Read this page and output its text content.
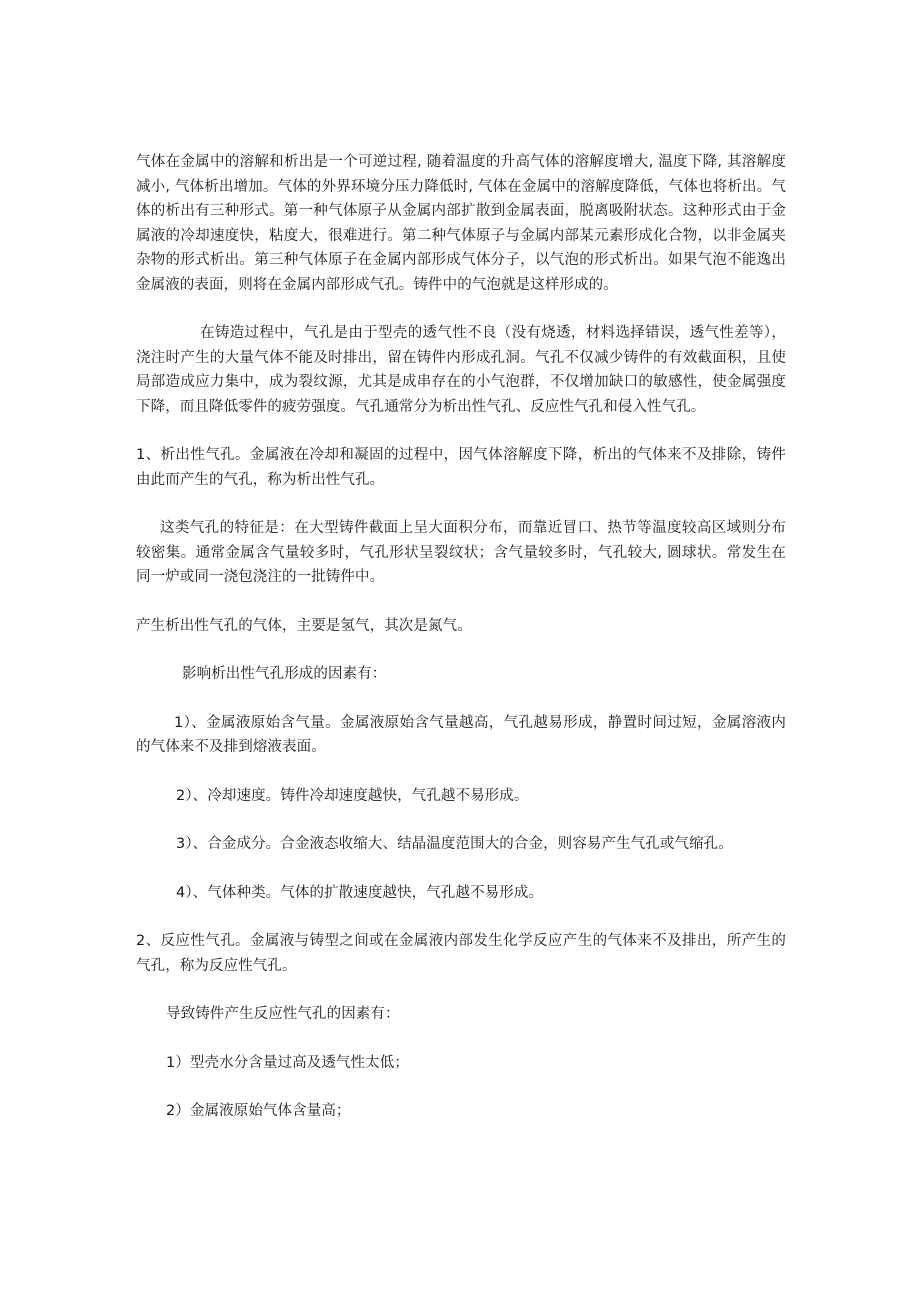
气体在金属中的溶解和析出是一个可逆过程, 随着温度的升高气体的溶解度增大, 温度下降, 其溶解度减小, 气体析出增加。气体的外界环境分压力降低时, 气体在金属中的溶解度降低，气体也将析出。气体的析出有三种形式。第一种气体原子从金属内部扩散到金属表面，脱离吸附状态。这种形式由于金属液的冷却速度快，粘度大，很难进行。第二种气体原子与金属内部某元素形成化合物，以非金属夹杂物的形式析出。第三种气体原子在金属内部形成气体分子，以气泡的形式析出。如果气泡不能逸出金属液的表面，则将在金属内部形成气孔。铸件中的气泡就是这样形成的。

在铸造过程中，气孔是由于型壳的透气性不良（没有烧透，材料选择错误，透气性差等），浇注时产生的大量气体不能及时排出，留在铸件内形成孔洞。气孔不仅减少铸件的有效截面积，且使局部造成应力集中，成为裂纹源，尤其是成串存在的小气泡群，不仅增加缺口的敏感性，使金属强度下降，而且降低零件的疲劳强度。气孔通常分为析出性气孔、反应性气孔和侵入性气孔。

1、析出性气孔。金属液在冷却和凝固的过程中，因气体溶解度下降，析出的气体来不及排除，铸件由此而产生的气孔，称为析出性气孔。

这类气孔的特征是：在大型铸件截面上呈大面积分布，而靠近冒口、热节等温度较高区域则分布较密集。通常金属含气量较多时，气孔形状呈裂纹状；含气量较多时，气孔较大, 圆球状。常发生在同一炉或同一浇包浇注的一批铸件中。

产生析出性气孔的气体，主要是氢气，其次是氮气。

影响析出性气孔形成的因素有：

1）、金属液原始含气量。金属液原始含气量越高，气孔越易形成，静置时间过短，金属溶液内的气体来不及排到熔液表面。

2）、冷却速度。铸件冷却速度越快，气孔越不易形成。

3）、合金成分。合金液态收缩大、结晶温度范围大的合金，则容易产生气孔或气缩孔。

4）、气体种类。气体的扩散速度越快，气孔越不易形成。

2、反应性气孔。金属液与铸型之间或在金属液内部发生化学反应产生的气体来不及排出，所产生的气孔，称为反应性气孔。

导致铸件产生反应性气孔的因素有：

1）型壳水分含量过高及透气性太低；

2）金属液原始气体含量高；
